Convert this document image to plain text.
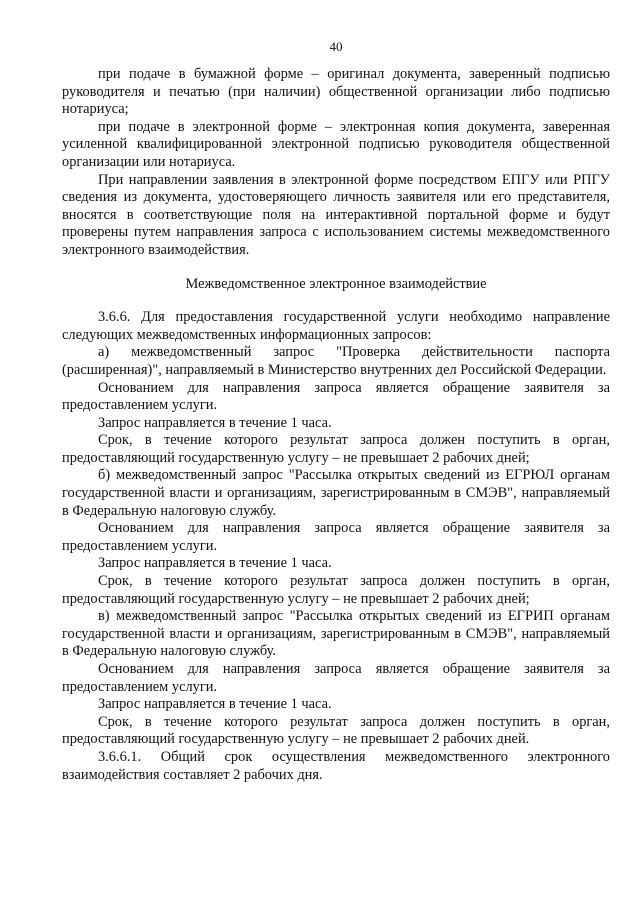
40

при подаче в бумажной форме – оригинал документа, заверенный подписью руководителя и печатью (при наличии) общественной организации либо подписью нотариуса;

при подаче в электронной форме – электронная копия документа, заверенная усиленной квалифицированной электронной подписью руководителя общественной организации или нотариуса.

При направлении заявления в электронной форме посредством ЕПГУ или РПГУ сведения из документа, удостоверяющего личность заявителя или его представителя, вносятся в соответствующие поля на интерактивной портальной форме и будут проверены путем направления запроса с использованием системы межведомственного электронного взаимодействия.

Межведомственное электронное взаимодействие

3.6.6. Для предоставления государственной услуги необходимо направление следующих межведомственных информационных запросов:

а) межведомственный запрос "Проверка действительности паспорта (расширенная)", направляемый в Министерство внутренних дел Российской Федерации.

Основанием для направления запроса является обращение заявителя за предоставлением услуги.

Запрос направляется в течение 1 часа.

Срок, в течение которого результат запроса должен поступить в орган, предоставляющий государственную услугу – не превышает 2 рабочих дней;

б) межведомственный запрос "Рассылка открытых сведений из ЕГРЮЛ органам государственной власти и организациям, зарегистрированным в СМЭВ", направляемый в Федеральную налоговую службу.

Основанием для направления запроса является обращение заявителя за предоставлением услуги.

Запрос направляется в течение 1 часа.

Срок, в течение которого результат запроса должен поступить в орган, предоставляющий государственную услугу – не превышает 2 рабочих дней;

в) межведомственный запрос "Рассылка открытых сведений из ЕГРИП органам государственной власти и организациям, зарегистрированным в СМЭВ", направляемый в Федеральную налоговую службу.

Основанием для направления запроса является обращение заявителя за предоставлением услуги.

Запрос направляется в течение 1 часа.

Срок, в течение которого результат запроса должен поступить в орган, предоставляющий государственную услугу – не превышает 2 рабочих дней.

3.6.6.1. Общий срок осуществления межведомственного электронного взаимодействия составляет 2 рабочих дня.
